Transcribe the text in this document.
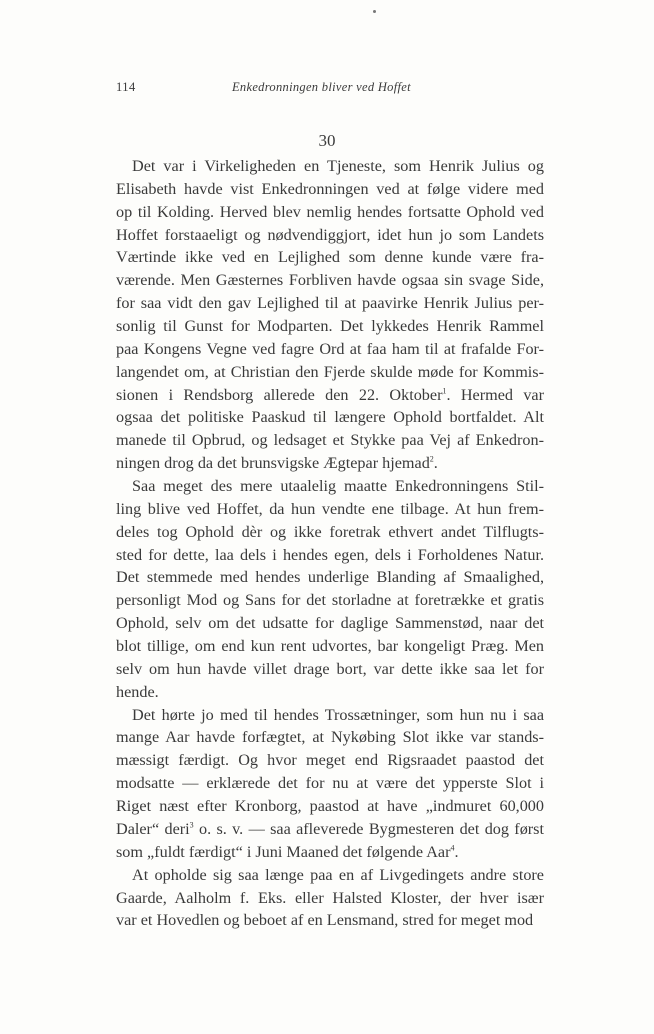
114	Enkedronningen bliver ved Hoffet
30

Det var i Virkeligheden en Tjeneste, som Henrik Julius og
Elisabeth havde vist Enkedronningen ved at følge videre med
op til Kolding. Herved blev nemlig hendes fortsatte Ophold ved
Hoffet forstaaeligt og nødvendiggjort, idet hun jo som Landets
Værtinde ikke ved en Lejlighed som denne kunde være fra-
værende. Men Gæsternes Forbliven havde ogsaa sin svage Side,
for saa vidt den gav Lejlighed til at paavirke Henrik Julius per-
sonlig til Gunst for Modparten. Det lykkedes Henrik Rammel
paa Kongens Vegne ved fagre Ord at faa ham til at frafalde For-
langendet om, at Christian den Fjerde skulde møde for Kommis-
sionen i Rendsborg allerede den 22. Oktober$^1$. Hermed var
ogsaa det politiske Paaskud til længere Ophold bortfaldet. Alt
manede til Opbrud, og ledsaget et Stykke paa Vej af Enkedron-
ningen drog da det brunsvigske Ægtepar hjemad$^2$.

Saa meget des mere utaalelig maatte Enkedronningens Stil-
ling blive ved Hoffet, da hun vendte ene tilbage. At hun frem-
deles tog Ophold dèr og ikke foretrak ethvert andet Tilflugts-
sted for dette, laa dels i hendes egen, dels i Forholdenes Natur.
Det stemmede med hendes underlige Blanding af Smaalighed,
personligt Mod og Sans for det storladne at foretrække et gratis
Ophold, selv om det udsatte for daglige Sammenstød, naar det
blot tillige, om end kun rent udvortes, bar kongeligt Præg. Men
selv om hun havde villet drage bort, var dette ikke saa let for
hende.

Det hørte jo med til hendes Trossætninger, som hun nu i saa
mange Aar havde forfægtet, at Nykøbing Slot ikke var stands-
mæssigt færdigt. Og hvor meget end Rigsraadet paastod det
modsatte — erklærede det for nu at være det ypperste Slot i
Riget næst efter Kronborg, paastod at have „indmuret 60,000
Daler“ deri$^3$ o. s. v. — saa afleverede Bygmesteren det dog først
som „fuldt færdigt“ i Juni Maaned det følgende Aar$^4$.

At opholde sig saa længe paa en af Livgedingets andre store
Gaarde, Aalholm f. Eks. eller Halsted Kloster, der hver især
var et Hovedlen og beboet af en Lensmand, stred for meget mod
